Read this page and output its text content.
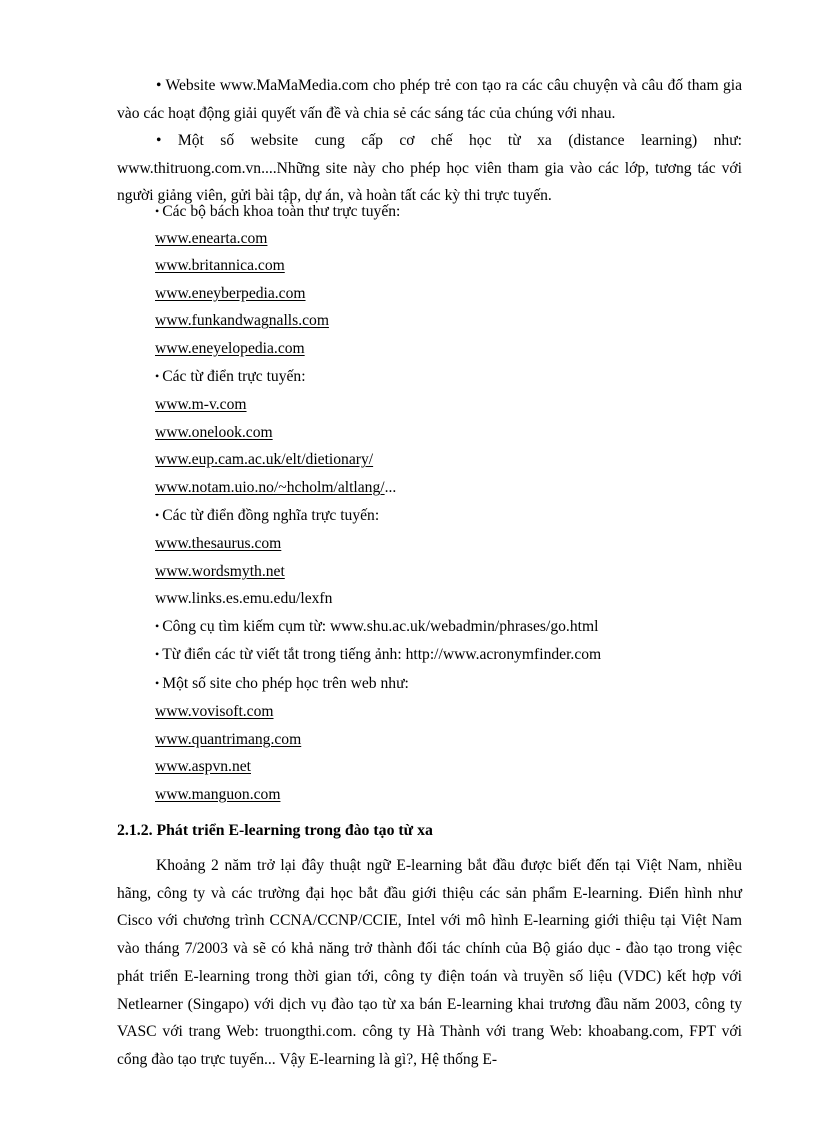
• Website www.MaMaMedia.com cho phép trẻ con tạo ra các câu chuyện và câu đố tham gia vào các hoạt động giải quyết vấn đề và chia sẻ các sáng tác của chúng với nhau.

• Một số website cung cấp cơ chế học từ xa (distance learning) như: www.thitruong.com.vn....Những site này cho phép học viên tham gia vào các lớp, tương tác với người giảng viên, gửi bài tập, dự án, và hoàn tất các kỳ thi trực tuyến.

• Các bộ bách khoa toàn thư trực tuyến:

www.enearta.com

www.britannica.com

www.eneyberpedia.com

www.funkandwagnalls.com

www.eneyelopedia.com

• Các từ điển trực tuyến:

www.m-v.com

www.onelook.com

www.eup.cam.ac.uk/elt/dietionary/

www.notam.uio.no/~hcholm/altlang/...

• Các từ điển đồng nghĩa trực tuyến:

www.thesaurus.com

www.wordsmyth.net

www.links.es.emu.edu/lexfn

• Công cụ tìm kiếm cụm từ: www.shu.ac.uk/webadmin/phrases/go.html

• Từ điển các từ viết tắt trong tiếng ảnh: http://www.acronymfinder.com

• Một số site cho phép học trên web như:

www.vovisoft.com

www.quantrimang.com

www.aspvn.net

www.manguon.com

2.1.2. Phát triển E-learning trong đào tạo từ xa

Khoảng 2 năm trở lại đây thuật ngữ E-learning bắt đầu được biết đến tại Việt Nam, nhiều hãng, công ty và các trường đại học bắt đầu giới thiệu các sản phẩm E-learning. Điển hình như Cisco với chương trình CCNA/CCNP/CCIE, Intel với mô hình E-learning giới thiệu tại Việt Nam vào tháng 7/2003 và sẽ có khả năng trở thành đối tác chính của Bộ giáo dục - đào tạo trong việc phát triển E-learning trong thời gian tới, công ty điện toán và truyền số liệu (VDC) kết hợp với Netlearner (Singapo) với dịch vụ đào tạo từ xa bán E-learning khai trương đầu năm 2003, công ty VASC với trang Web: truongthi.com. công ty Hà Thành với trang Web: khoabang.com, FPT với cổng đào tạo trực tuyến... Vậy E-learning là gì?, Hệ thống E-
